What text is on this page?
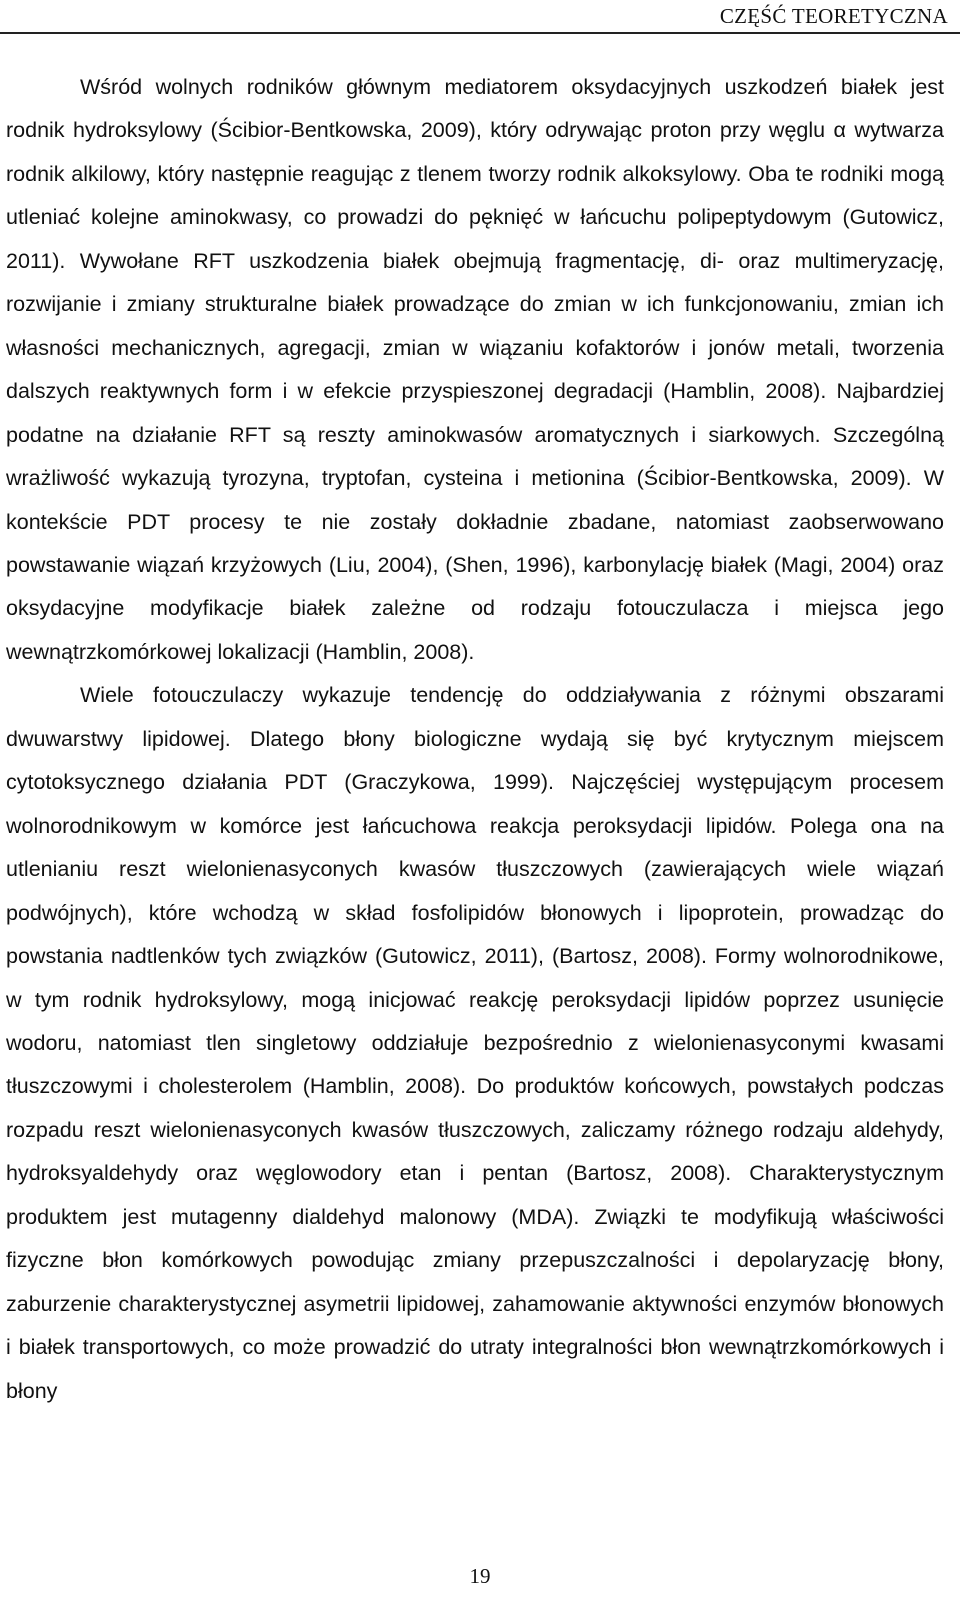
CZĘŚĆ TEORETYCZNA

Wśród wolnych rodników głównym mediatorem oksydacyjnych uszkodzeń białek jest rodnik hydroksylowy (Ścibior-Bentkowska, 2009), który odrywając proton przy węglu α wytwarza rodnik alkilowy, który następnie reagując z tlenem tworzy rodnik alkoksylowy. Oba te rodniki mogą utleniać kolejne aminokwasy, co prowadzi do pęknięć w łańcuchu polipeptydowym (Gutowicz, 2011). Wywołane RFT uszkodzenia białek obejmują fragmentację, di- oraz multimeryzację, rozwijanie i zmiany strukturalne białek prowadzące do zmian w ich funkcjonowaniu, zmian ich własności mechanicznych, agregacji, zmian w wiązaniu kofaktorów i jonów metali, tworzenia dalszych reaktywnych form i w efekcie przyspieszonej degradacji (Hamblin, 2008). Najbardziej podatne na działanie RFT są reszty aminokwasów aromatycznych i siarkowych. Szczególną wrażliwość wykazują tyrozyna, tryptofan, cysteina i metionina (Ścibior-Bentkowska, 2009). W kontekście PDT procesy te nie zostały dokładnie zbadane, natomiast zaobserwowano powstawanie wiązań krzyżowych (Liu, 2004), (Shen, 1996), karbonylację białek (Magi, 2004) oraz oksydacyjne modyfikacje białek zależne od rodzaju fotouczulacza i miejsca jego wewnątrzkomórkowej lokalizacji (Hamblin, 2008).

Wiele fotouczulaczy wykazuje tendencję do oddziaływania z różnymi obszarami dwuwarstwy lipidowej. Dlatego błony biologiczne wydają się być krytycznym miejscem cytotoksycznego działania PDT (Graczykowa, 1999). Najczęściej występującym procesem wolnorodnikowym w komórce jest łańcuchowa reakcja peroksydacji lipidów. Polega ona na utlenianiu reszt wielonienasyconych kwasów tłuszczowych (zawierających wiele wiązań podwójnych), które wchodzą w skład fosfolipidów błonowych i lipoprotein, prowadząc do powstania nadtlenków tych związków (Gutowicz, 2011), (Bartosz, 2008). Formy wolnorodnikowe, w tym rodnik hydroksylowy, mogą inicjować reakcję peroksydacji lipidów poprzez usunięcie wodoru, natomiast tlen singletowy oddziałuje bezpośrednio z wielonienasyconymi kwasami tłuszczowymi i cholesterolem (Hamblin, 2008). Do produktów końcowych, powstałych podczas rozpadu reszt wielonienasyconych kwasów tłuszczowych, zaliczamy różnego rodzaju aldehydy, hydroksyaldehydy oraz węglowodory etan i pentan (Bartosz, 2008). Charakterystycznym produktem jest mutagenny dialdehyd malonowy (MDA). Związki te modyfikują właściwości fizyczne błon komórkowych powodując zmiany przepuszczalności i depolaryzację błony, zaburzenie charakterystycznej asymetrii lipidowej, zahamowanie aktywności enzymów błonowych i białek transportowych, co może prowadzić do utraty integralności błon wewnątrzkomórkowych i błony

19
